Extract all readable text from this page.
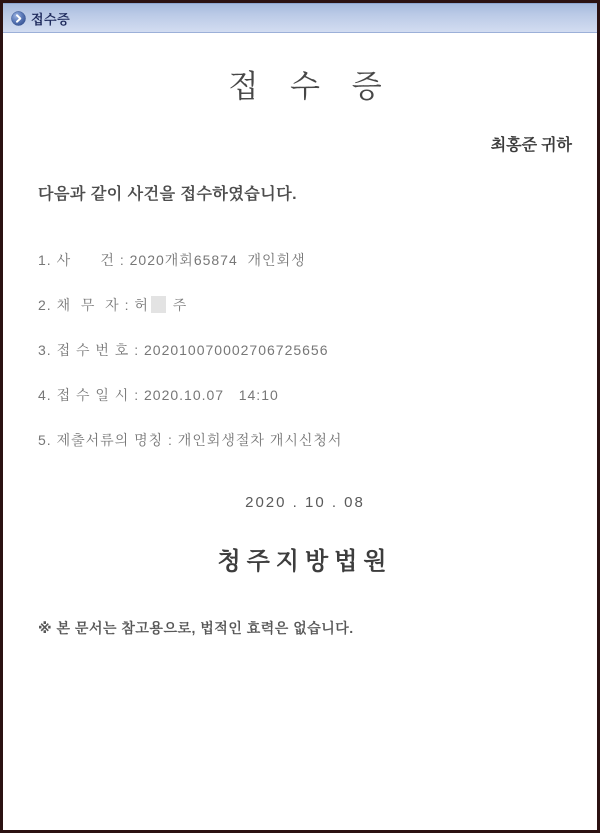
접수증
접 수 증
최홍준 귀하
다음과 같이 사건을 접수하였습니다.
1. 사      건 : 2020개회65874  개인회생
2. 채  무  자 : 허 주
3. 접 수 번 호 : 202010070002706725656
4. 접 수 일 시 : 2020.10.07   14:10
5. 제출서류의 명칭 : 개인회생절차 개시신청서
2020 . 10 . 08
청주지방법원
※ 본 문서는 참고용으로, 법적인 효력은 없습니다.
